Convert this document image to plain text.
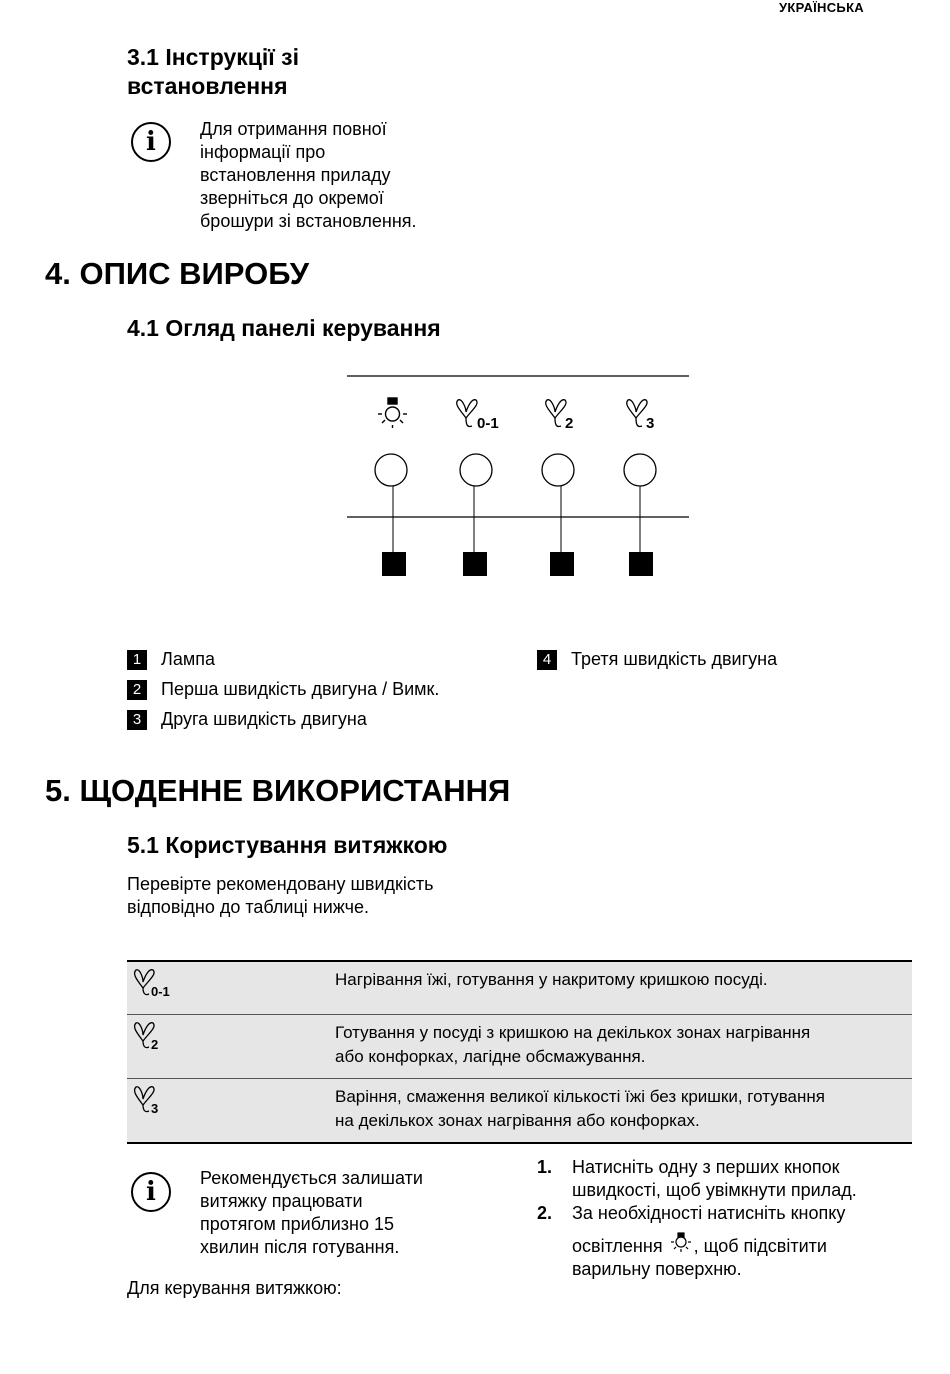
УКРАЇНСЬКА
3.1 Інструкції зі
встановлення
i	Для отримання повної
інформації про
встановлення приладу
зверніться до окремої
брошури зі встановлення.
4. ОПИС ВИРОБУ
4.1 Огляд панелі керування
0-1	2	3
1 Лампа
2 Перша швидкість двигуна / Вимк.
3 Друга швидкість двигуна
4 Третя швидкість двигуна
5. ЩОДЕННЕ ВИКОРИСТАННЯ
5.1 Користування витяжкою
Перевірте рекомендовану швидкість
відповідно до таблиці нижче.
0-1	Нагрівання їжі, готування у накритому кришкою посуді.

2	Готування у посуді з кришкою на декількох зонах нагрівання
або конфорках, лагідне обсмажування.

3	Варіння, смаження великої кількості їжі без кришки, готування
на декількох зонах нагрівання або конфорках.
i	Рекомендується залишати
витяжку працювати
протягом приблизно 15
хвилин після готування.
Для керування витяжкою:
1. Натисніть одну з перших кнопок
швидкості, щоб увімкнути прилад.
2. За необхідності натисніть кнопку
освітлення , щоб підсвітити
варильну поверхню.
